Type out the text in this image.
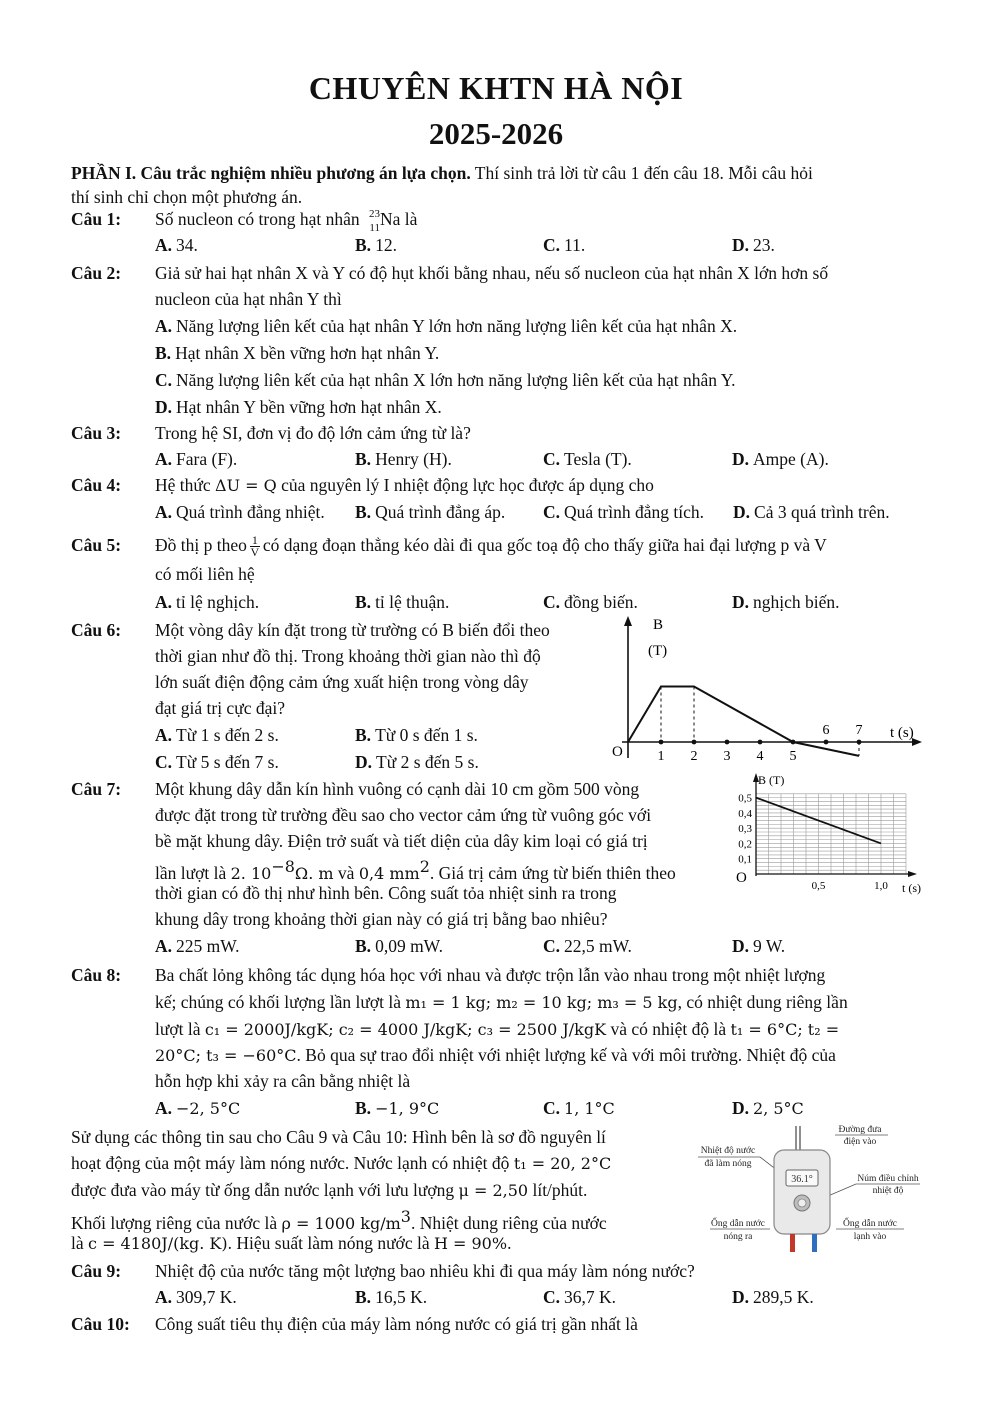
CHUYÊN KHTN HÀ NỘI
2025-2026
PHẦN I. Câu trắc nghiệm nhiều phương án lựa chọn. Thí sinh trả lời từ câu 1 đến câu 18. Mỗi câu hỏi
thí sinh chỉ chọn một phương án.
Câu 1: Số nucleon có trong hạt nhân 23
11 Na là
A. 34.	B. 12.	C. 11.	D. 23.
Câu 2: Giả sử hai hạt nhân X và Y có độ hụt khối bằng nhau, nếu số nucleon của hạt nhân X lớn hơn số
nucleon của hạt nhân Y thì
A. Năng lượng liên kết của hạt nhân Y lớn hơn năng lượng liên kết của hạt nhân X.
B. Hạt nhân X bền vững hơn hạt nhân Y.
C. Năng lượng liên kết của hạt nhân X lớn hơn năng lượng liên kết của hạt nhân Y.
D. Hạt nhân Y bền vững hơn hạt nhân X.
Câu 3: Trong hệ SI, đơn vị đo độ lớn cảm ứng từ là?
A. Fara (F).	B. Henry (H).	C. Tesla (T).	D. Ampe (A).
Câu 4: Hệ thức ΔU = Q của nguyên lý I nhiệt động lực học được áp dụng cho
A. Quá trình đẳng nhiệt. B. Quá trình đẳng áp. C. Quá trình đẳng tích. D. Cả 3 quá trình trên.
Câu 5: Đồ thị p theo $\frac{1}{V}$ có dạng đoạn thẳng kéo dài đi qua gốc toạ độ cho thấy giữa hai đại lượng p và V
có mối liên hệ
A. tỉ lệ nghịch.	B. tỉ lệ thuận.	C. đồng biến.	D. nghịch biến.
Câu 6: Một vòng dây kín đặt trong từ trường có B biến đổi theo
thời gian như đồ thị. Trong khoảng thời gian nào thì độ
lớn suất điện động cảm ứng xuất hiện trong vòng dây
đạt giá trị cực đại?
A. Từ 1 s đến 2 s.	B. Từ 0 s đến 1 s.
C. Từ 5 s đến 7 s.	D. Từ 2 s đến 5 s.
B
(T)
t (s)
O 1 2 3 4 5
6 7
Câu 7: Một khung dây dẫn kín hình vuông có cạnh dài 10 cm gồm 500 vòng
được đặt trong từ trường đều sao cho vector cảm ứng từ vuông góc với
bề mặt khung dây. Điện trở suất và tiết diện của dây kim loại có giá trị
lần lượt là 2. $10^{-8}\Omega$. m và 0,4 $mm^2$. Giá trị cảm ứng từ biến thiên theo
thời gian có đồ thị như hình bên. Công suất tỏa nhiệt sinh ra trong
khung dây trong khoảng thời gian này có giá trị bằng bao nhiêu?
A. 225 mW.	B. 0,09 mW.	C. 22,5 mW.	D. 9 W.
B (T)
t (s)
O
0,5
0,4
0,3
0,2
0,1
0,5	1,0
Câu 8: Ba chất lỏng không tác dụng hóa học với nhau và được trộn lẫn vào nhau trong một nhiệt lượng
kế; chúng có khối lượng lần lượt là m₁ = 1 kg; m₂ = 10 kg; m₃ = 5 kg, có nhiệt dung riêng lần
lượt là c₁ = 2000J/kgK; c₂ = 4000 J/kgK; c₃ = 2500 J/kgK và có nhiệt độ là t₁ = 6°C; t₂ =
20°C; t₃ = −60°C. Bỏ qua sự trao đổi nhiệt với nhiệt lượng kế và với môi trường. Nhiệt độ của
hỗn hợp khi xảy ra cân bằng nhiệt là
A. −2, 5°C	B. −1, 9°C	C. 1, 1°C	D. 2, 5°C
Sử dụng các thông tin sau cho Câu 9 và Câu 10: Hình bên là sơ đồ nguyên lí
hoạt động của một máy làm nóng nước. Nước lạnh có nhiệt độ t₁ = 20, 2°C
được đưa vào máy từ ống dẫn nước lạnh với lưu lượng μ = 2,50 lít/phút.
Khối lượng riêng của nước là ρ = 1000 $kg/m^3$. Nhiệt dung riêng của nước
là c = 4180J/(kg. K). Hiệu suất làm nóng nước là H = 90%.
Đường đưa
điện vào
Nhiệt độ nước
đã làm nóng
Núm điều chỉnh
nhiệt độ
Ống dẫn nước
nóng ra
Ống dẫn nước
lạnh vào
36.1°
Câu 9: Nhiệt độ của nước tăng một lượng bao nhiêu khi đi qua máy làm nóng nước?
A. 309,7 K.	B. 16,5 K.	C. 36,7 K.	D. 289,5 K.
Câu 10: Công suất tiêu thụ điện của máy làm nóng nước có giá trị gần nhất là
